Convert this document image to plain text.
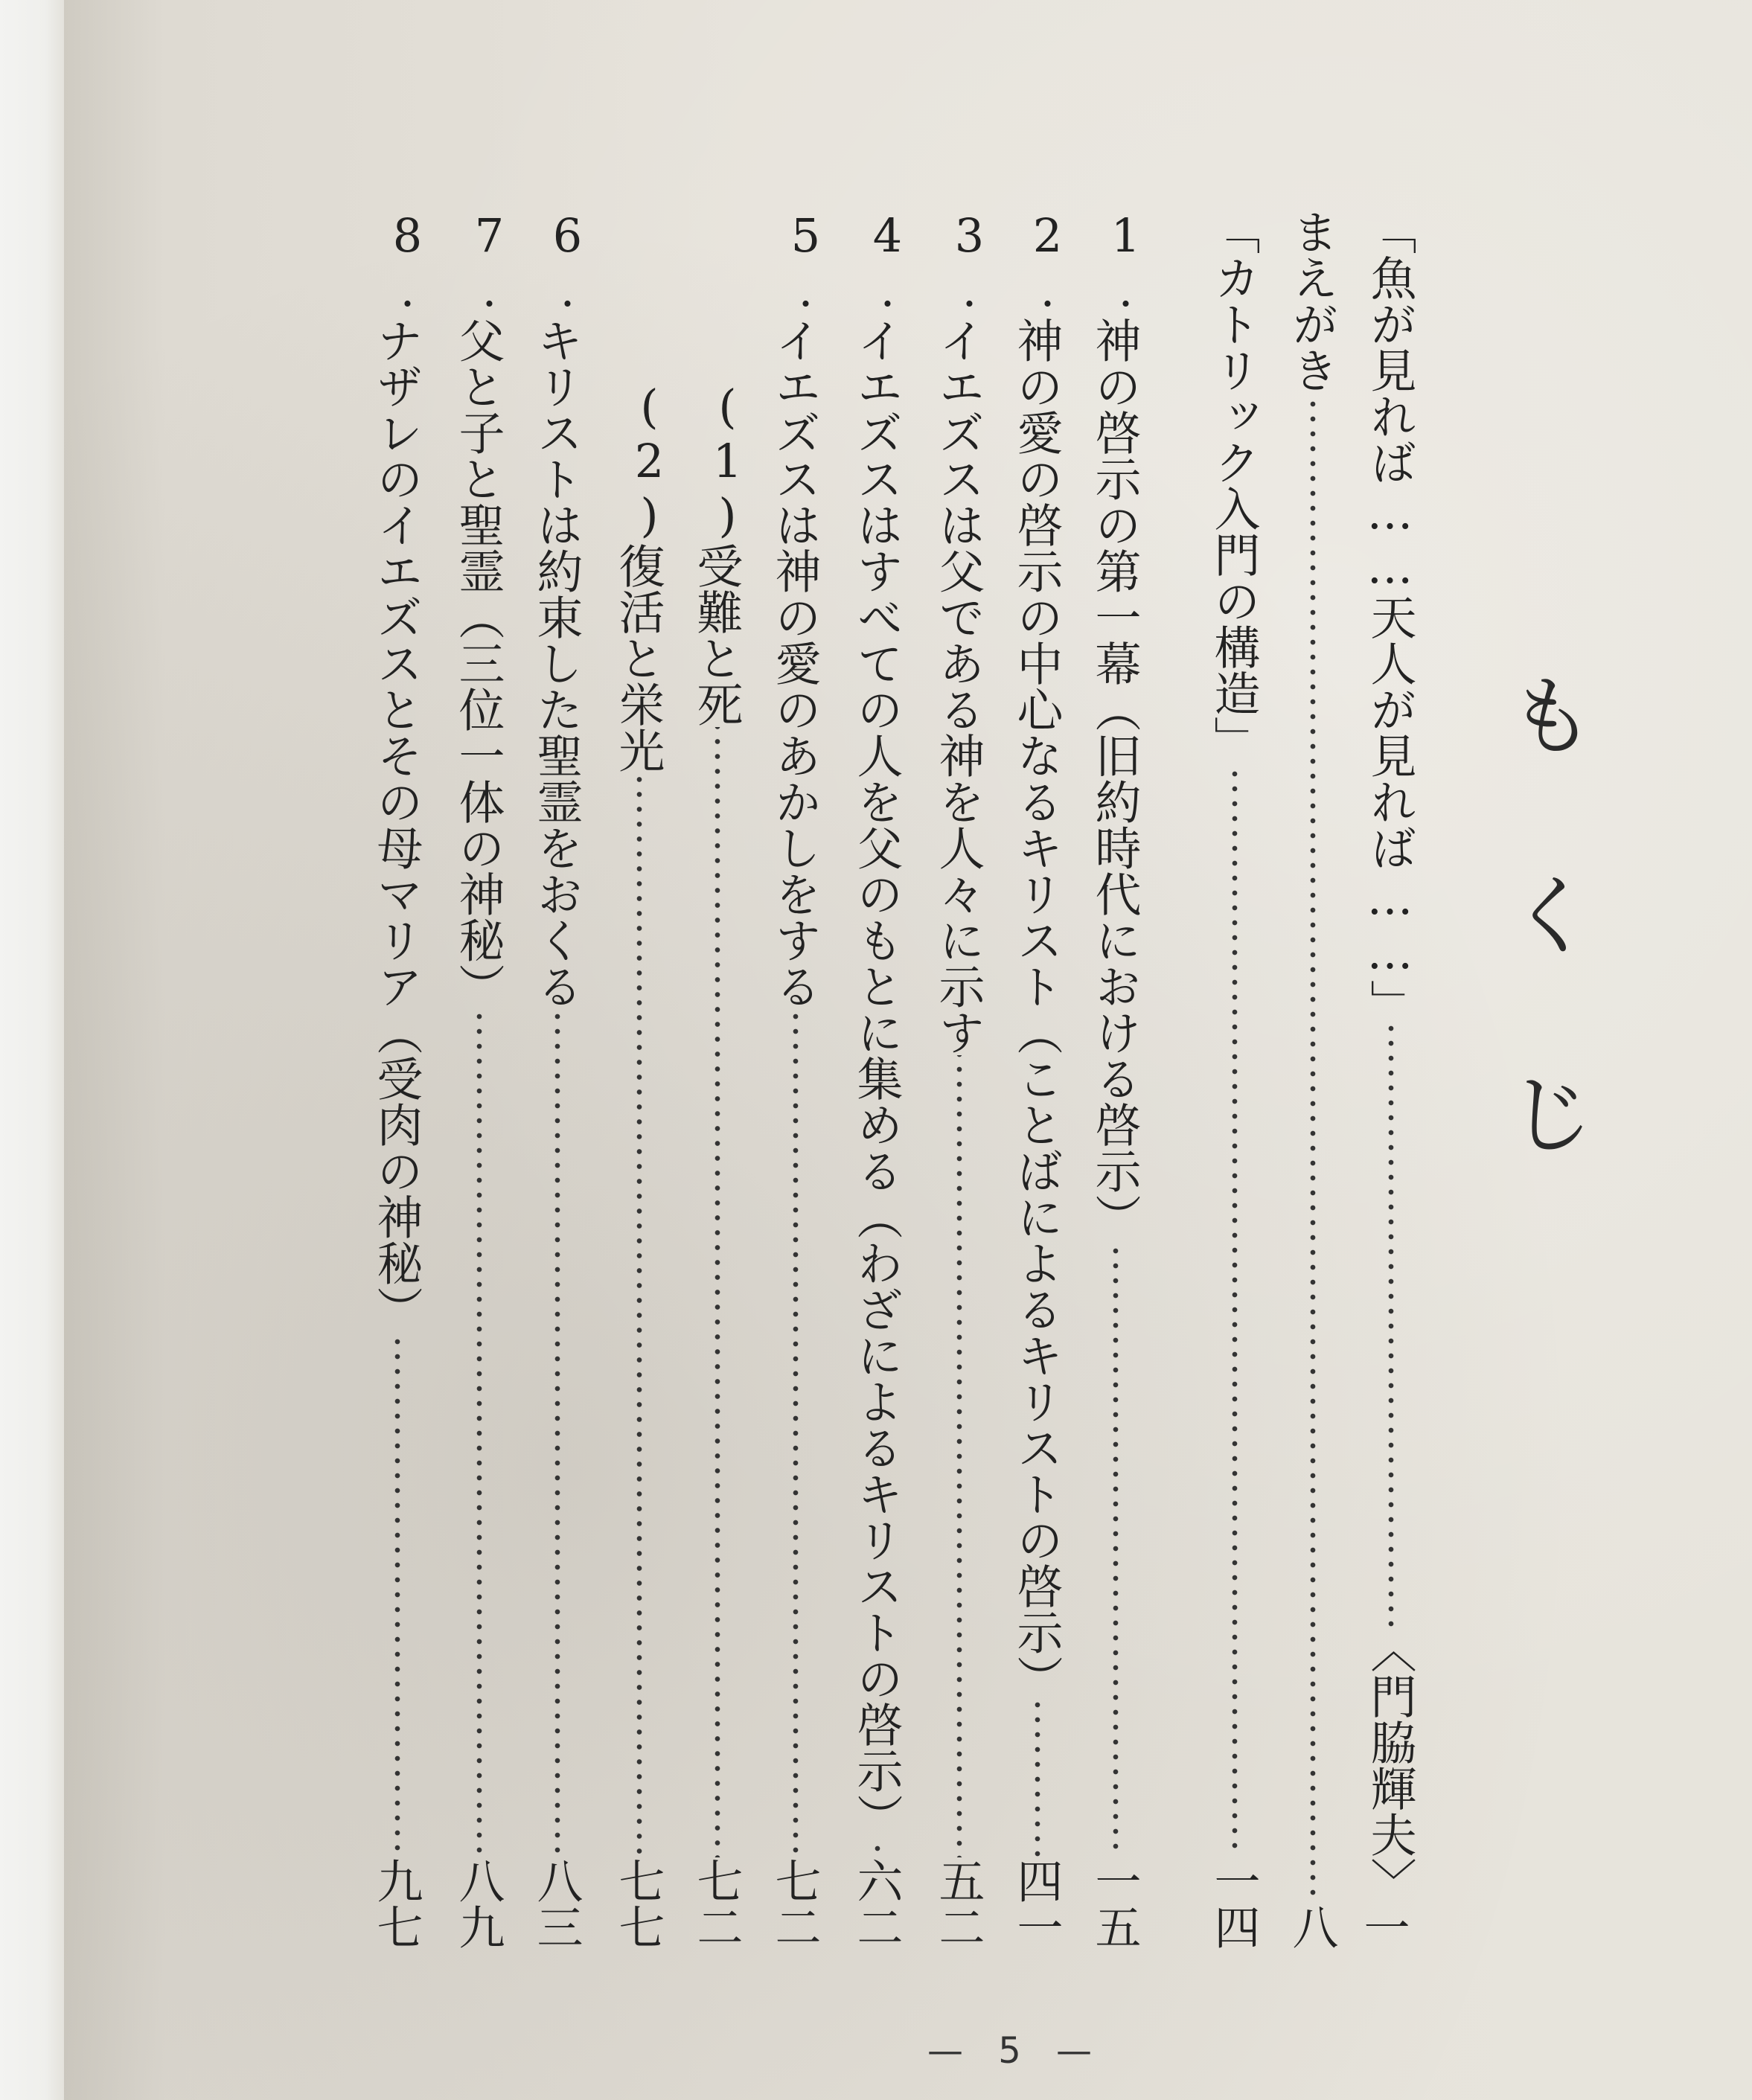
もくじ
「魚が見れば……天人が見れば……」
〈門脇輝夫〉
一
まえがき
八
「カトリック入門の構造」
一四
1.
神の啓示の第一幕（旧約時代における啓示）
一五
2.
神の愛の啓示の中心なるキリスト（ことばによるキリストの啓示）
四一
3.
イエズスは父である神を人々に示す
五二
4.
イエズスはすべての人を父のもとに集める（わざによるキリストの啓示）
六二
5.
イエズスは神の愛のあかしをする
七二
(1)
受難と死
七二
(2)
復活と栄光
七七
6.
キリストは約束した聖霊をおくる
八三
7.
父と子と聖霊（三位一体の神秘）
八九
8.
ナザレのイエズスとその母マリア（受肉の神秘）
九七
— 5 —
